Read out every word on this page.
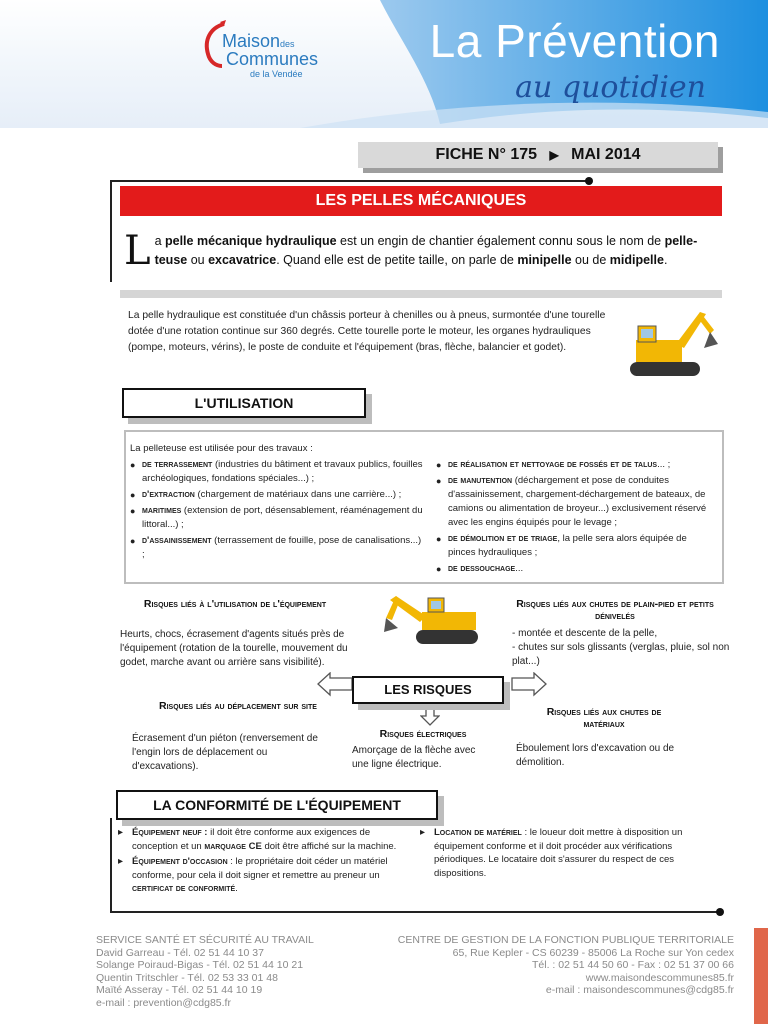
Maisondes
Communes
de la Vendée
La Prévention
au quotidien
FICHE N° 175 ▶ MAI 2014
LES PELLES MÉCANIQUES
La pelle mécanique hydraulique est un engin de chantier également connu sous le nom de pelle-teuse ou excavatrice. Quand elle est de petite taille, on parle de minipelle ou de midipelle.
La pelle hydraulique est constituée d'un châssis porteur à chenilles ou à pneus, surmontée d'une tourelle dotée d'une rotation continue sur 360 degrés. Cette tourelle porte le moteur, les organes hydrauliques (pompe, moteurs, vérins), le poste de conduite et l'équipement (bras, flèche, balancier et godet).
L'UTILISATION
La pelleteuse est utilisée pour des travaux :
● de terrassement (industries du bâtiment et travaux publics, fouilles archéologiques, fondations spéciales...) ;
● d'extraction (chargement de matériaux dans une carrière...) ;
● maritimes (extension de port, désensablement, réaménagement du littoral...) ;
● d'assainissement (terrassement de fouille, pose de canalisations...) ;
● de réalisation et nettoyage de fossés et de talus... ;
● de manutention (déchargement et pose de conduites d'assainissement, chargement-déchargement de bateaux, de camions ou alimentation de broyeur...) exclusivement réservé avec les engins équipés pour le levage ;
● de démolition et de triage, la pelle sera alors équipée de pinces hydrauliques ;
● de dessouchage...
Risques liés à l'utilisation de l'équipement
Heurts, chocs, écrasement d'agents situés près de l'équipement (rotation de la tourelle, mouvement du godet, marche avant ou arrière sans visibilité).
Risques liés aux chutes de plain-pied et petits dénivelés
- montée et descente de la pelle,
- chutes sur sols glissants (verglas, pluie, sol non plat...)
LES RISQUES
Risques liés au déplacement sur site
Écrasement d'un piéton (renversement de l'engin lors de déplacement ou d'excavations).
Risques électriques
Amorçage de la flèche avec une ligne électrique.
Risques liés aux chutes de matériaux
Éboulement lors d'excavation ou de démolition.
LA CONFORMITÉ DE L'ÉQUIPEMENT
▸ Équipement neuf : il doit être conforme aux exigences de conception et un marquage CE doit être affiché sur la machine.
▸ Équipement d'occasion : le propriétaire doit céder un matériel conforme, pour cela il doit signer et remettre au preneur un certificat de conformité.
▸ Location de matériel : le loueur doit mettre à disposition un équipement conforme et il doit procéder aux vérifications périodiques. Le locataire doit s'assurer du respect de ces dispositions.
SERVICE SANTÉ ET SÉCURITÉ AU TRAVAIL
David Garreau - Tél. 02 51 44 10 37
Solange Poiraud-Bigas - Tél. 02 51 44 10 21
Quentin Tritschler - Tél. 02 53 33 01 48
Maïté Asseray - Tél. 02 51 44 10 19
e-mail : prevention@cdg85.fr
CENTRE DE GESTION DE LA FONCTION PUBLIQUE TERRITORIALE
65, Rue Kepler - CS 60239 - 85006 La Roche sur Yon cedex
Tél. : 02 51 44 50 60 - Fax : 02 51 37 00 66
www.maisondescommunes85.fr
e-mail : maisondescommunes@cdg85.fr
